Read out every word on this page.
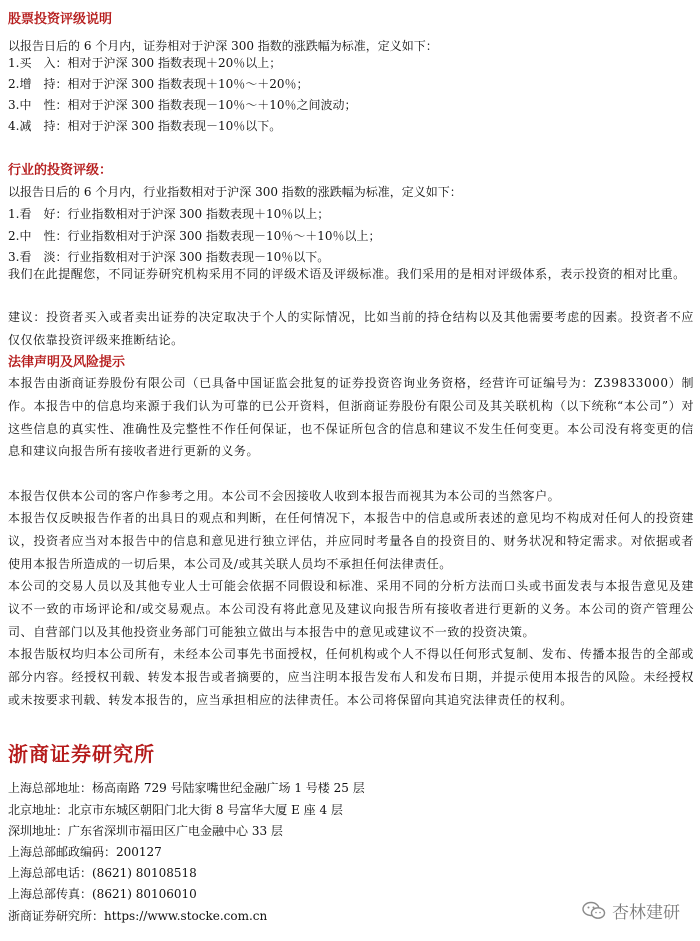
股票投资评级说明

以报告日后的 6 个月内，证券相对于沪深 300 指数的涨跌幅为标准，定义如下：

1.买　入：相对于沪深 300 指数表现＋20％以上；

2.增　持：相对于沪深 300 指数表现＋10％～＋20％；

3.中　性：相对于沪深 300 指数表现－10％～＋10％之间波动；

4.减　持：相对于沪深 300 指数表现－10％以下。

行业的投资评级：

以报告日后的 6 个月内，行业指数相对于沪深 300 指数的涨跌幅为标准，定义如下：

1.看　好：行业指数相对于沪深 300 指数表现＋10％以上；

2.中　性：行业指数相对于沪深 300 指数表现－10％～＋10％以上；

3.看　淡：行业指数相对于沪深 300 指数表现－10％以下。

我们在此提醒您，不同证券研究机构采用不同的评级术语及评级标准。我们采用的是相对评级体系，表示投资的相对比重。

建议：投资者买入或者卖出证券的决定取决于个人的实际情况，比如当前的持仓结构以及其他需要考虑的因素。投资者不应仅仅依靠投资评级来推断结论。

法律声明及风险提示

本报告由浙商证券股份有限公司（已具备中国证监会批复的证券投资咨询业务资格，经营许可证编号为：Z39833000）制作。本报告中的信息均来源于我们认为可靠的已公开资料，但浙商证券股份有限公司及其关联机构（以下统称“本公司”）对这些信息的真实性、准确性及完整性不作任何保证，也不保证所包含的信息和建议不发生任何变更。本公司没有将变更的信息和建议向报告所有接收者进行更新的义务。

本报告仅供本公司的客户作参考之用。本公司不会因接收人收到本报告而视其为本公司的当然客户。

本报告仅反映报告作者的出具日的观点和判断，在任何情况下，本报告中的信息或所表述的意见均不构成对任何人的投资建议，投资者应当对本报告中的信息和意见进行独立评估，并应同时考量各自的投资目的、财务状况和特定需求。对依据或者使用本报告所造成的一切后果，本公司及/或其关联人员均不承担任何法律责任。

本公司的交易人员以及其他专业人士可能会依据不同假设和标准、采用不同的分析方法而口头或书面发表与本报告意见及建议不一致的市场评论和/或交易观点。本公司没有将此意见及建议向报告所有接收者进行更新的义务。本公司的资产管理公司、自营部门以及其他投资业务部门可能独立做出与本报告中的意见或建议不一致的投资决策。

本报告版权均归本公司所有，未经本公司事先书面授权，任何机构或个人不得以任何形式复制、发布、传播本报告的全部或部分内容。经授权刊载、转发本报告或者摘要的，应当注明本报告发布人和发布日期，并提示使用本报告的风险。未经授权或未按要求刊载、转发本报告的，应当承担相应的法律责任。本公司将保留向其追究法律责任的权利。

浙商证券研究所

上海总部地址：杨高南路 729 号陆家嘴世纪金融广场 1 号楼 25 层

北京地址：北京市东城区朝阳门北大街 8 号富华大厦 E 座 4 层

深圳地址：广东省深圳市福田区广电金融中心 33 层

上海总部邮政编码：200127

上海总部电话：(8621) 80108518

上海总部传真：(8621) 80106010

浙商证券研究所：https://www.stocke.com.cn	杏林建研
